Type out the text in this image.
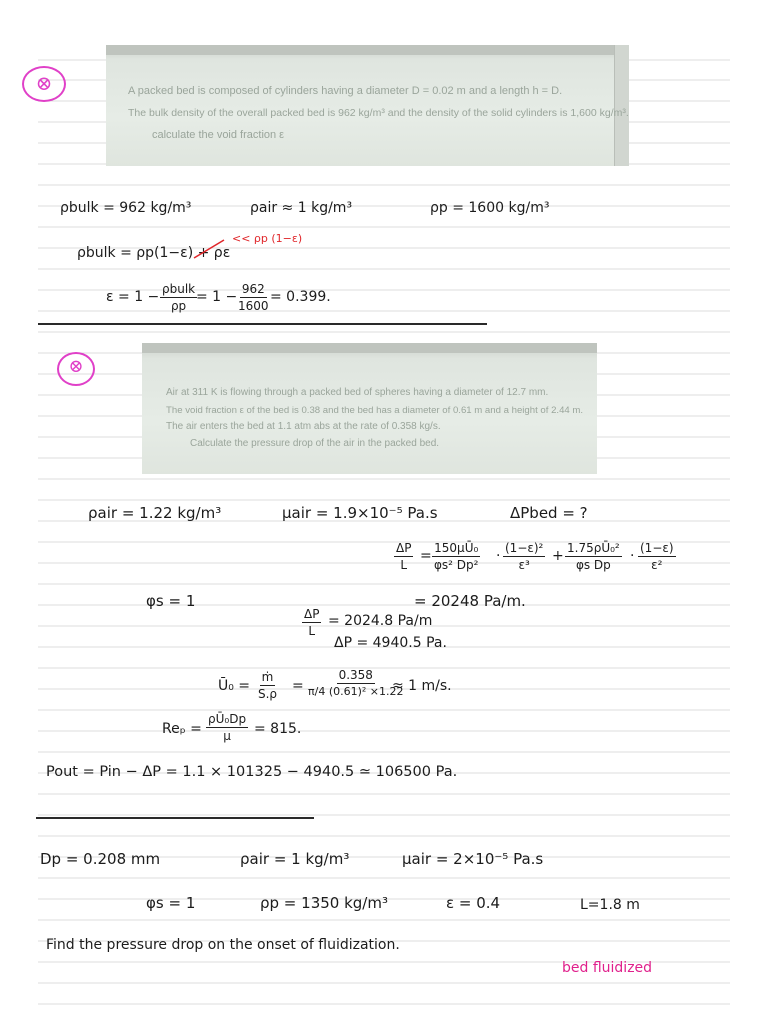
⊗	A packed bed is composed of cylinders having a diameter D = 0.02 m and a length h = D.
The bulk density of the overall packed bed is 962 kg/m³ and the density of the solid cylinders is 1,600 kg/m³.
calculate the void fraction ε
ρbulk = 962 kg/m³	ρair ≈ 1 kg/m³	ρp = 1600 kg/m³
ρbulk = ρp(1−ε) + ρε
<< ρp (1−ε)
ε = 1 − ρbulk
ρp
= 1 −
$\frac{962}{1600} = 0.399$.
⊗
Air at 311 K is flowing through a packed bed of spheres having a diameter of 12.7 mm.
The void fraction ε of the bed is 0.38 and the bed has a diameter of 0.61 m and a height of 2.44 m.
The air enters the bed at 1.1 atm abs at the rate of 0.358 kg/s.
Calculate the pressure drop of the air in the packed bed.
ρair = 1.22 kg/m³	μair = 1.9×10⁻⁵ Pa.s	ΔPbed = ?
$\frac{\Delta P}{L} = \frac{\text{150μŪ₀}}{\text{φs² Dp²}} \cdot \frac{\text{(1−ε)²}}{\text{ε³}} + \frac{\text{1.75ρŪ₀²}}{\text{φs Dp}} \cdot \frac{(1-\varepsilon)}{\text{ε²}}$
φs = 1	= 20248 Pa/m.
$\frac{\Delta P}{L} = 2024.8$ Pa/m
ΔP = 4940.5 Pa.
Ū₀ = $\frac{\text{ṁ}}{S.\rho} = \frac{0.358}{\text{π/4 (0.61)² ×1.22}}$
≈ 1 m/s.
$Re_p = \frac{\text{ρŪ₀Dp}}{\mu} = 815$.
Pout = Pin − ΔP = 1.1 × 101325 − 4940.5 ≃ 106500 Pa.
Dp = 0.208 mm	ρair = 1 kg/m³	μair = 2×10⁻⁵ Pa.s
φs = 1	ρp = 1350 kg/m³	ε = 0.4	L=1.8 m
Find the pressure drop on the onset of fluidization.
bed fluidized
